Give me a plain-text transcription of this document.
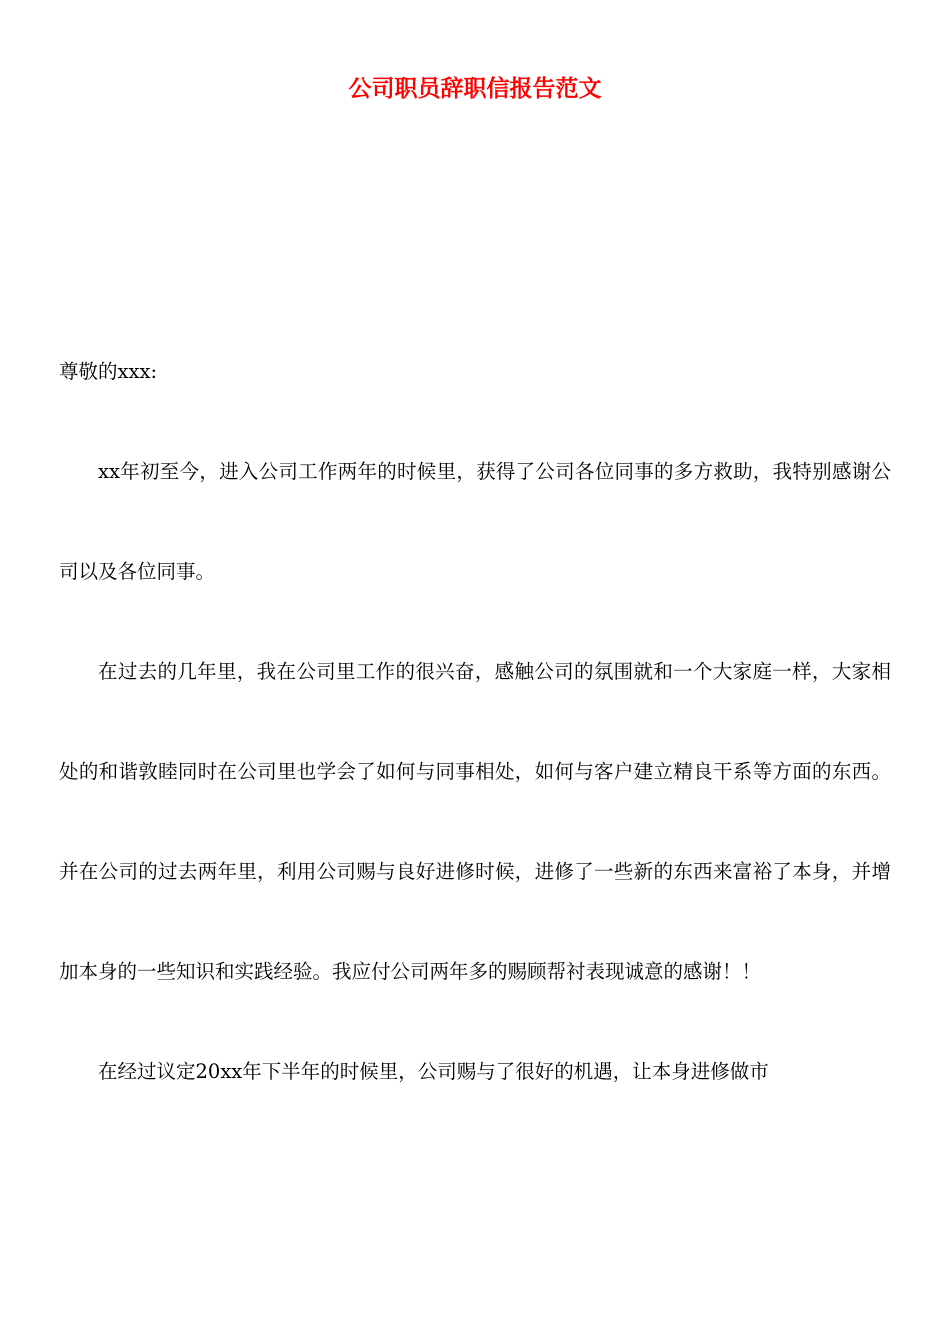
公司职员辞职信报告范文

尊敬的xxx:

xx年初至今，进入公司工作两年的时候里，获得了公司各位同事的多方救助，我特别感谢公司以及各位同事。

在过去的几年里，我在公司里工作的很兴奋，感触公司的氛围就和一个大家庭一样，大家相处的和谐敦睦同时在公司里也学会了如何与同事相处，如何与客户建立精良干系等方面的东西。并在公司的过去两年里，利用公司赐与良好进修时候，进修了一些新的东西来富裕了本身，并增加本身的一些知识和实践经验。我应付公司两年多的赐顾帮衬表现诚意的感谢！！

在经过议定20xx年下半年的时候里，公司赐与了很好的机遇，让本身进修做市
